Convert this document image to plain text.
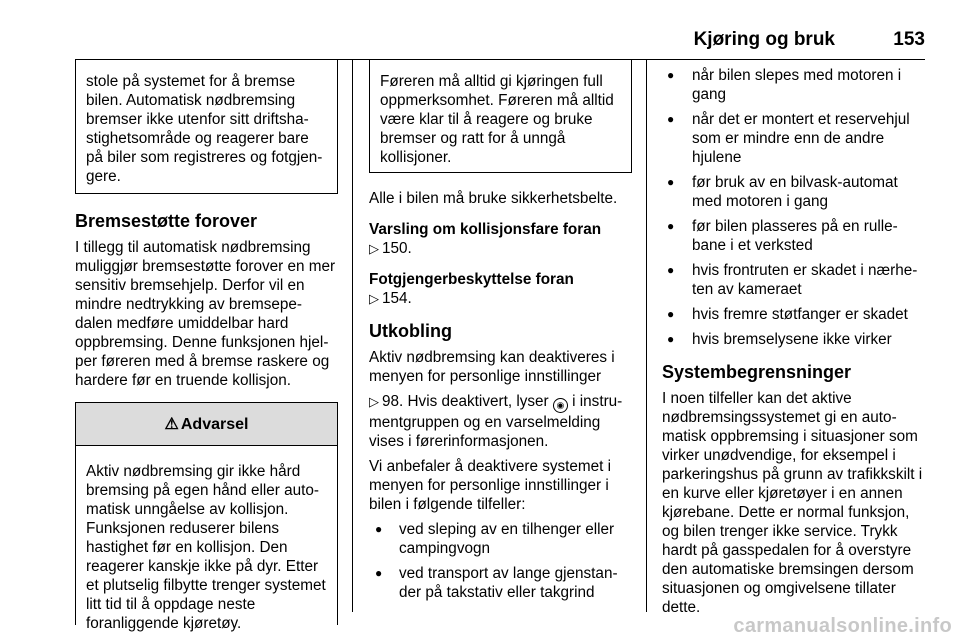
Kjøring og bruk	153

stole på systemet for å bremse bilen. Automatisk nødbremsing bremser ikke utenfor sitt driftsha-stighetsområde og reagerer bare på biler som registreres og fotgjen-gere.

Bremsestøtte forover

I tillegg til automatisk nødbremsing muliggjør bremsestøtte forover en mer sensitiv bremsehjelp. Derfor vil en mindre nedtrykking av bremsepe-dalen medføre umiddelbar hard oppbremsing. Denne funksjonen hjel-per føreren med å bremse raskere og hardere før en truende kollisjon.

⚠ Advarsel

Aktiv nødbremsing gir ikke hård bremsing på egen hånd eller auto-matisk unngåelse av kollisjon. Funksjonen reduserer bilens hastighet før en kollisjon. Den reagerer kanskje ikke på dyr. Etter et plutselig filbytte trenger systemet litt tid til å oppdage neste foranliggende kjøretøy.

Føreren må alltid gi kjøringen full oppmerksomhet. Føreren må alltid være klar til å reagere og bruke bremser og ratt for å unngå kollisjoner.

Alle i bilen må bruke sikkerhetsbelte.

Varsling om kollisjonsfare foran

▷ 150.

Fotgjengerbeskyttelse foran

▷ 154.

Utkobling

Aktiv nødbremsing kan deaktiveres i menyen for personlige innstillinger

▷ 98. Hvis deaktivert, lyser ◉ i instru-mentgruppen og en varselmelding vises i førerinformasjonen.

Vi anbefaler å deaktivere systemet i menyen for personlige innstillinger i bilen i følgende tilfeller:

● ved sleping av en tilhenger eller campingvogn
● ved transport av lange gjenstan-der på takstativ eller takgrind
● når bilen slepes med motoren i gang
● når det er montert et reservehjul som er mindre enn de andre hjulene
● før bruk av en bilvask-automat med motoren i gang
● før bilen plasseres på en rulle-bane i et verksted
● hvis frontruten er skadet i nærhe-ten av kameraet
● hvis fremre støtfanger er skadet
● hvis bremselysene ikke virker

Systembegrensninger

I noen tilfeller kan det aktive nødbremsingssystemet gi en auto-matisk oppbremsing i situasjoner som virker unødvendige, for eksempel i parkeringshus på grunn av trafikkskilt i en kurve eller kjøretøyer i en annen kjørebane. Dette er normal funksjon, og bilen trenger ikke service. Trykk hardt på gasspedalen for å overstyre den automatiske bremsingen dersom situasjonen og omgivelsene tillater dette.

carmanualsonline.info
